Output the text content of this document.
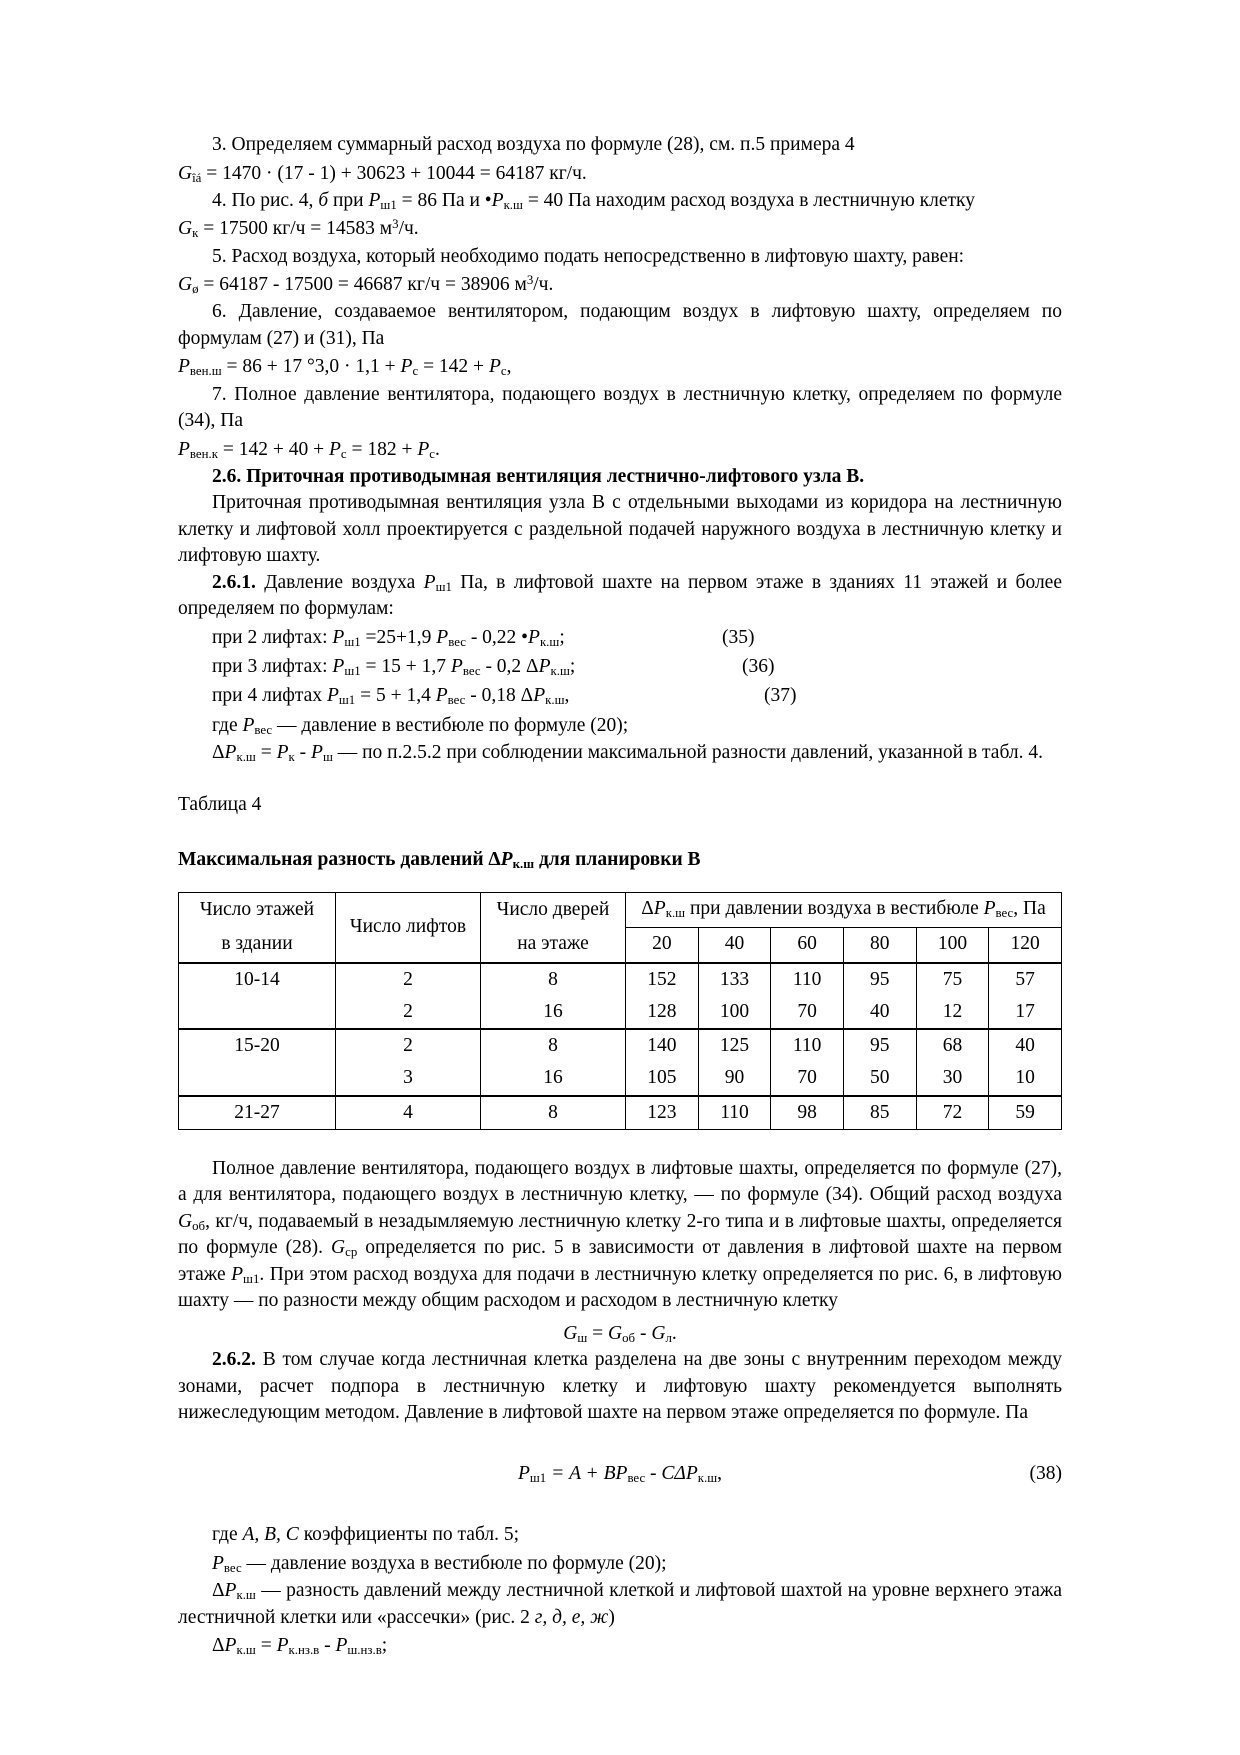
3. Определяем суммарный расход воздуха по формуле (28), см. п.5 примера 4

$G_{îá} = 1470 \cdot (17 - 1) + 30623 + 10044 = 64187$ кг/ч.

4. По рис. 4, б при $P_{ш1} = 86$ Па и $•P_{к.ш} = 40$ Па находим расход воздуха в лестничную клетку

$G_к = 17500$ кг/ч = 14583 $м^3/ч$.

5. Расход воздуха, который необходимо подать непосредственно в лифтовую шахту, равен:

$G_ø = 64187 - 17500 = 46687$ кг/ч = 38906 $м^3/ч$.

6. Давление, создаваемое вентилятором, подающим воздух в лифтовую шахту, определяем по формулам (27) и (31), Па

$P_{вен.ш} = 86 + 17$ $^\circ 3,0 \cdot 1,1 + P_с = 142 + P_с$,

7. Полное давление вентилятора, подающего воздух в лестничную клетку, определяем по формуле (34), Па

$P_{вен.к} = 142 + 40 + P_с = 182 + P_с$.

2.6. Приточная противодымная вентиляция лестнично-лифтового узла В.

Приточная противодымная вентиляция узла В с отдельными выходами из коридора на лестничную клетку и лифтовой холл проектируется с раздельной подачей наружного воздуха в лестничную клетку и лифтовую шахту.

2.6.1. Давление воздуха $P_{ш1}$ Па, в лифтовой шахте на первом этаже в зданиях 11 этажей и более определяем по формулам:

при 2 лифтах: $P_{ш1} =25+1,9$ $P_{вес} - 0,22$ $•P_{к.ш}$;	(35)

при 3 лифтах: $P_{ш1} = 15 + 1,7$ $P_{вес} - 0,2$ $\Delta P_{к.ш}$;	(36)

при 4 лифтах $P_{ш1} = 5 + 1,4$ $P_{вес} - 0,18$ $\Delta P_{к.ш}$,	(37)

где $P_{вес}$ — давление в вестибюле по формуле (20);

$\Delta P_{к.ш} = P_к - P_ш$ — по п.2.5.2 при соблюдении максимальной разности давлений, указанной в табл. 4.

Таблица 4

Максимальная разность давлений $\Delta P_{к.ш}$ для планировки В

Число этажей	Число лифтов	Число дверей	$\Delta P_{к.ш}$ при давлении воздуха в вестибюле $P_{вес}$, Па					
в здании		на этаже	20	40	60	80	100	120
10-14	2	8	152	133	110	95	75	57
	2	16	128	100	70	40	12	17
15-20	2	8	140	125	110	95	68	40
	3	16	105	90	70	50	30	10
21-27	4	8	123	110	98	85	72	59

Полное давление вентилятора, подающего воздух в лифтовые шахты, определяется по формуле (27), а для вентилятора, подающего воздух в лестничную клетку, — по формуле (34). Общий расход воздуха $G_{об}$, кг/ч, подаваемый в незадымляемую лестничную клетку 2-го типа и в лифтовые шахты, определяется по формуле (28). $G_{ср}$ определяется по рис. 5 в зависимости от давления в лифтовой шахте на первом этаже $P_{ш1}$. При этом расход воздуха для подачи в лестничную клетку определяется по рис. 6, в лифтовую шахту — по разности между общим расходом и расходом в лестничную клетку

$G_ш = G_{об} - G_л$.

2.6.2. В том случае когда лестничная клетка разделена на две зоны с внутренним переходом между зонами, расчет подпора в лестничную клетку и лифтовую шахту рекомендуется выполнять нижеследующим методом. Давление в лифтовой шахте на первом этаже определяется по формуле. Па

$P_{ш1} = A + BP_{вес} - C\Delta P_{к.ш}$,	(38)

где A, B, C коэффициенты по табл. 5;

$P_{вес}$ — давление воздуха в вестибюле по формуле (20);

$\Delta P_{к.ш}$ — разность давлений между лестничной клеткой и лифтовой шахтой на уровне верхнего этажа лестничной клетки или «рассечки» (рис. 2 г, д, е, ж)

$\Delta P_{к.ш} = P_{к.нз.в} - P_{ш.нз.в}$;
